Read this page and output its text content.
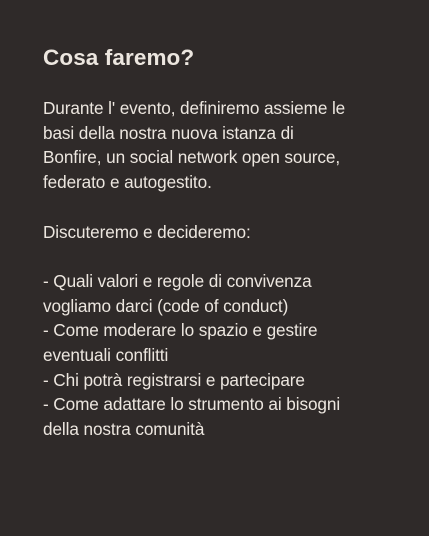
Cosa faremo?
Durante l' evento, definiremo assieme le
basi della nostra nuova istanza di
Bonfire, un social network open source,
federato e autogestito.
Discuteremo e decideremo:
- Quali valori e regole di convivenza
vogliamo darci (code of conduct)
- Come moderare lo spazio e gestire
eventuali conflitti
- Chi potrà registrarsi e partecipare
- Come adattare lo strumento ai bisogni
della nostra comunità
